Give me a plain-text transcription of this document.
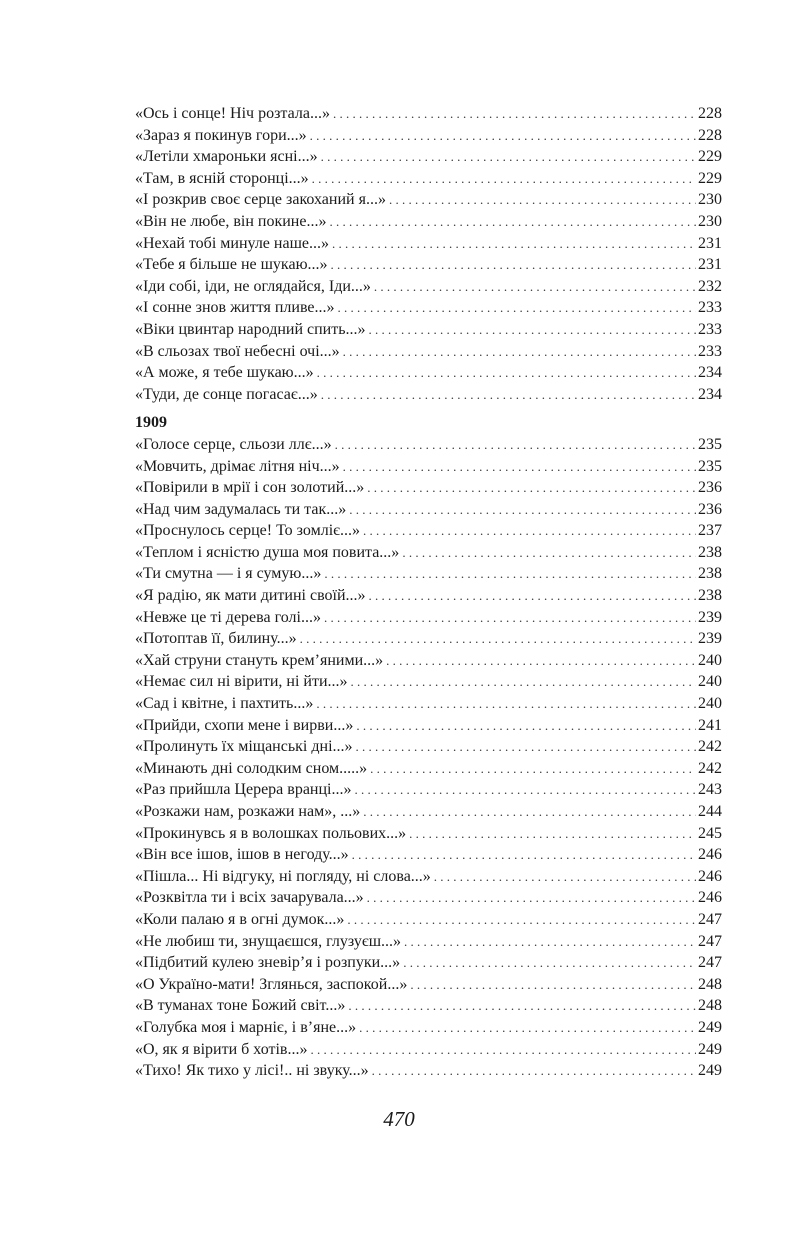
«Ось і сонце! Ніч розтала...» . . .	228
«Зараз я покинув гори...» . . .	228
«Летіли хмароньки ясні...» . . .	229
«Там, в ясній сторонці...» . . .	229
«І розкрив своє серце закоханий я...» . . .	230
«Він не любе, він покине...» . . .	230
«Нехай тобі минуле наше...» . . .	231
«Тебе я більше не шукаю...» . . .	231
«Іди собі, іди, не оглядайся, Іди...» . . .	232
«І сонне знов життя пливе...» . . .	233
«Віки цвинтар народний спить...» . . .	233
«В сльозах твої небесні очі...» . . .	233
«А може, я тебе шукаю...» . . .	234
«Туди, де сонце погасає...» . . .	234
1909
«Голосе серце, сльози ллє...» . . .	235
«Мовчить, дрімає літня ніч...» . . .	235
«Повірили в мрії і сон золотий...» . . .	236
«Над чим задумалась ти так...» . . .	236
«Проснулось серце! То зомліє...» . . .	237
«Теплом і ясністю душа моя повита...» . . .	238
«Ти смутна — і я сумую...» . . .	238
«Я радію, як мати дитині своїй...» . . .	238
«Невже це ті дерева голі...» . . .	239
«Потоптав її, билину...» . . .	239
«Хай струни стануть крем’яними...» . . .	240
«Немає сил ні вірити, ні йти...» . . .	240
«Сад і квітне, і пахтить...» . . .	240
«Прийди, схопи мене і вирви...» . . .	241
«Пролинуть їх міщанські дні...» . . .	242
«Минають дні солодким сном.....» . . .	242
«Раз прийшла Церера вранці...» . . .	243
«Розкажи нам, розкажи нам», ...» . . .	244
«Прокинувсь я в волошках польових...» . . .	245
«Він все ішов, ішов в негоду...» . . .	246
«Пішла... Ні відгуку, ні погляду, ні слова...» . . .	246
«Розквітла ти і всіх зачарувала...» . . .	246
«Коли палаю я в огні думок...» . . .	247
«Не любиш ти, знущаєшся, глузуєш...» . . .	247
«Підбитий кулею зневір’я і розпуки...» . . .	247
«О Україно-мати! Зглянься, заспокой...» . . .	248
«В туманах тоне Божий світ...» . . .	248
«Голубка моя і марніє, і в’яне...» . . .	249
«О, як я вірити б хотів...» . . .	249
«Тихо! Як тихо у лісі!.. ні звуку...» . . .	249
470
